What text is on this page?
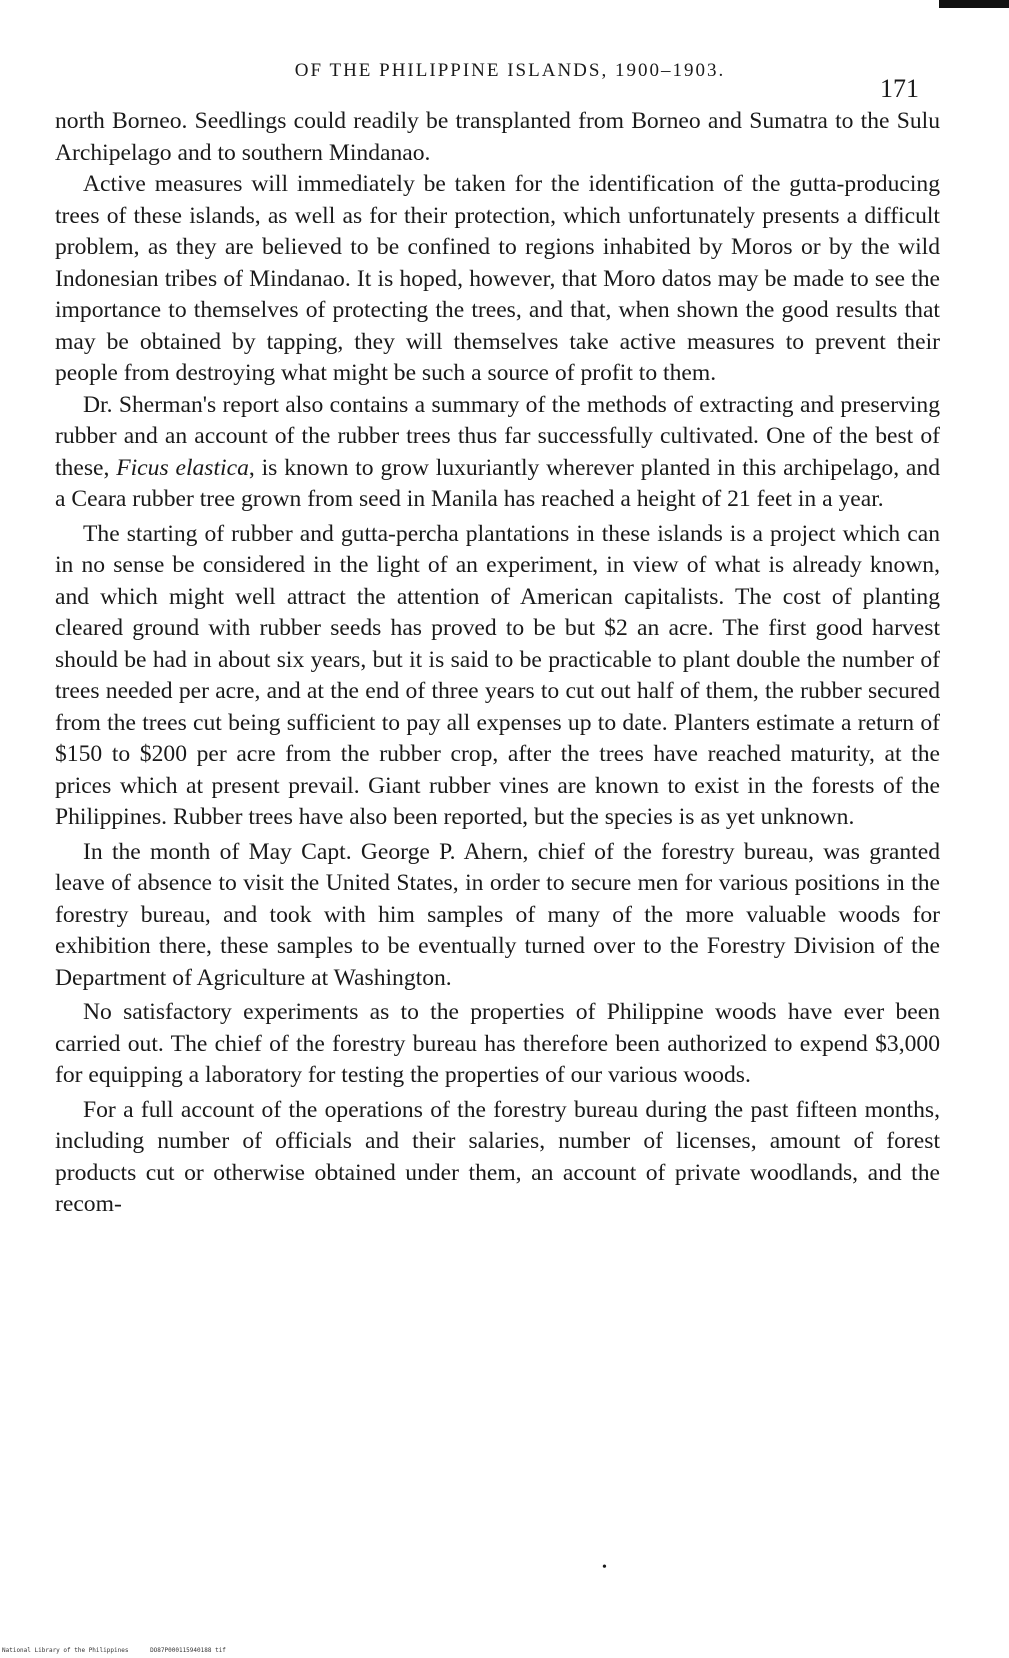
OF THE PHILIPPINE ISLANDS, 1900–1903.
171

north Borneo. Seedlings could readily be transplanted from Borneo and Sumatra to the Sulu Archipelago and to southern Mindanao.

Active measures will immediately be taken for the identification of the gutta-producing trees of these islands, as well as for their protection, which unfortunately presents a difficult problem, as they are believed to be confined to regions inhabited by Moros or by the wild Indonesian tribes of Mindanao. It is hoped, however, that Moro datos may be made to see the importance to themselves of protecting the trees, and that, when shown the good results that may be obtained by tapping, they will themselves take active measures to prevent their people from destroying what might be such a source of profit to them.

Dr. Sherman's report also contains a summary of the methods of extracting and preserving rubber and an account of the rubber trees thus far successfully cultivated. One of the best of these, Ficus elastica, is known to grow luxuriantly wherever planted in this archipelago, and a Ceara rubber tree grown from seed in Manila has reached a height of 21 feet in a year.

The starting of rubber and gutta-percha plantations in these islands is a project which can in no sense be considered in the light of an experiment, in view of what is already known, and which might well attract the attention of American capitalists. The cost of planting cleared ground with rubber seeds has proved to be but $2 an acre. The first good harvest should be had in about six years, but it is said to be practicable to plant double the number of trees needed per acre, and at the end of three years to cut out half of them, the rubber secured from the trees cut being sufficient to pay all expenses up to date. Planters estimate a return of $150 to $200 per acre from the rubber crop, after the trees have reached maturity, at the prices which at present prevail. Giant rubber vines are known to exist in the forests of the Philippines. Rubber trees have also been reported, but the species is as yet unknown.

In the month of May Capt. George P. Ahern, chief of the forestry bureau, was granted leave of absence to visit the United States, in order to secure men for various positions in the forestry bureau, and took with him samples of many of the more valuable woods for exhibition there, these samples to be eventually turned over to the Forestry Division of the Department of Agriculture at Washington.

No satisfactory experiments as to the properties of Philippine woods have ever been carried out. The chief of the forestry bureau has therefore been authorized to expend $3,000 for equipping a laboratory for testing the properties of our various woods.

For a full account of the operations of the forestry bureau during the past fifteen months, including number of officials and their salaries, number of licenses, amount of forest products cut or otherwise obtained under them, an account of private woodlands, and the recom-

•
National Library of the Philippines	DO87P000115940188 tif
